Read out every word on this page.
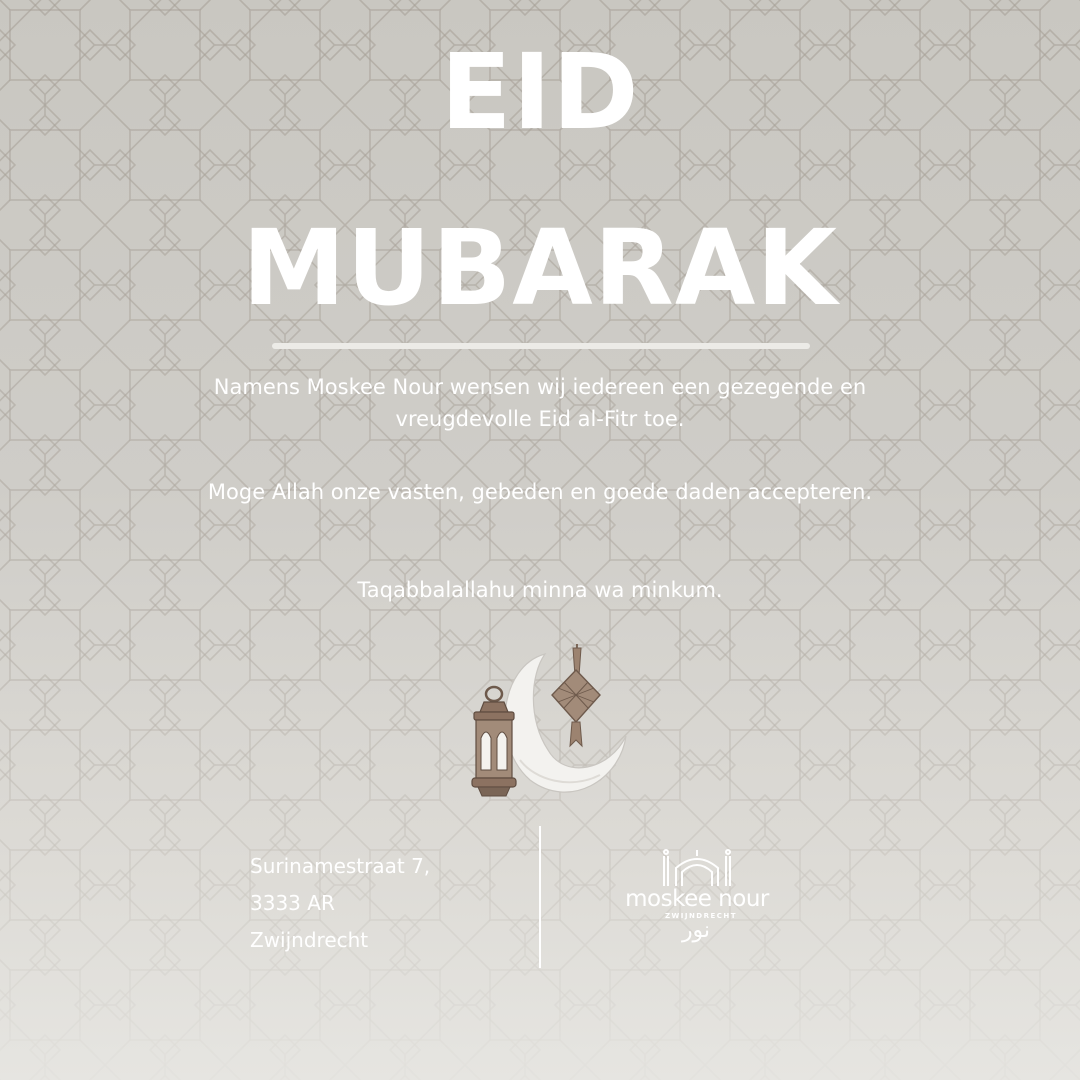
EID
MUBARAK

Namens Moskee Nour wensen wij iedereen een gezegende en vreugdevolle Eid al-Fitr toe.

Moge Allah onze vasten, gebeden en goede daden accepteren.

Taqabbalallahu minna wa minkum.

Surinamestraat 7,
3333 AR
Zwijndrecht
moskee nour
ZWIJNDRECHT
نور
